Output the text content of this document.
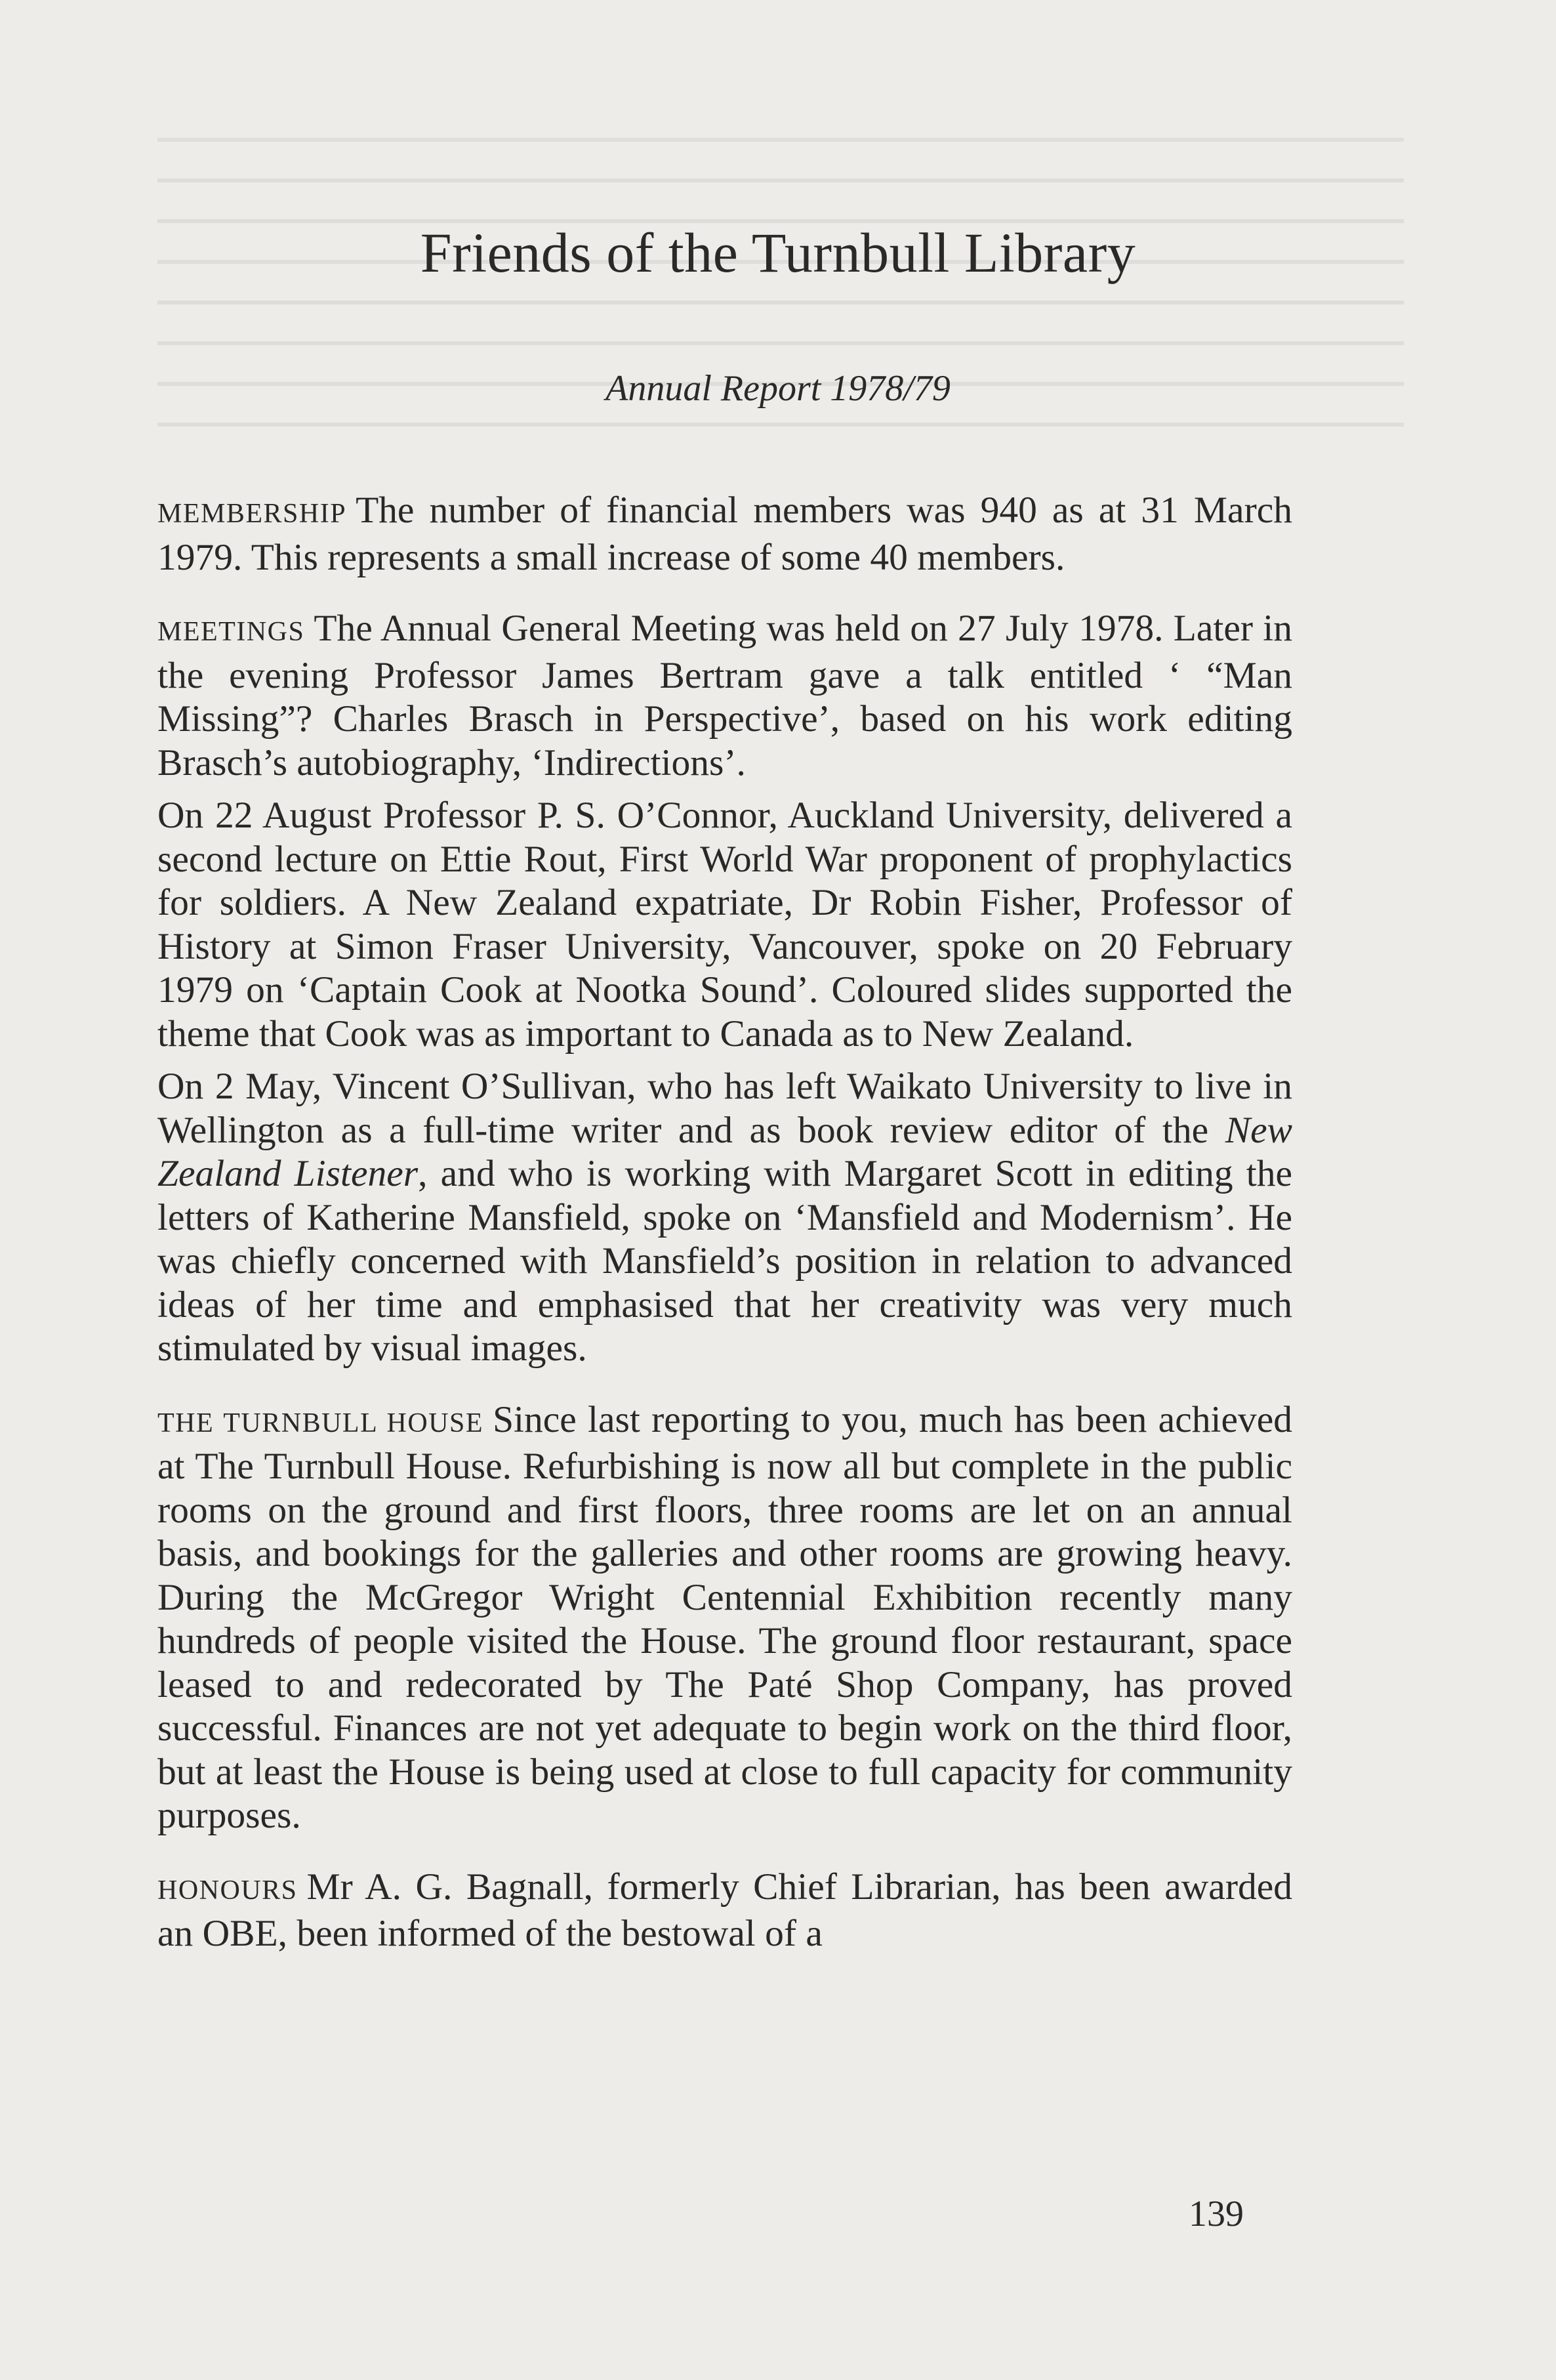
Friends of the Turnbull Library
Annual Report 1978/79

MEMBERSHIP The number of financial members was 940 as at 31 March 1979. This represents a small increase of some 40 members.

MEETINGS The Annual General Meeting was held on 27 July 1978. Later in the evening Professor James Bertram gave a talk entitled ‘ “Man Missing”? Charles Brasch in Perspective’, based on his work editing Brasch’s autobiography, ‘Indirections’.

On 22 August Professor P. S. O’Connor, Auckland University, delivered a second lecture on Ettie Rout, First World War proponent of prophylactics for soldiers. A New Zealand expatriate, Dr Robin Fisher, Professor of History at Simon Fraser University, Vancouver, spoke on 20 February 1979 on ‘Captain Cook at Nootka Sound’. Coloured slides supported the theme that Cook was as important to Canada as to New Zealand.

On 2 May, Vincent O’Sullivan, who has left Waikato University to live in Wellington as a full-time writer and as book review editor of the New Zealand Listener, and who is working with Margaret Scott in editing the letters of Katherine Mansfield, spoke on ‘Mansfield and Modernism’. He was chiefly concerned with Mansfield’s position in relation to advanced ideas of her time and emphasised that her creativity was very much stimulated by visual images.

THE TURNBULL HOUSE Since last reporting to you, much has been achieved at The Turnbull House. Refurbishing is now all but complete in the public rooms on the ground and first floors, three rooms are let on an annual basis, and bookings for the galleries and other rooms are growing heavy. During the McGregor Wright Centennial Exhibition recently many hundreds of people visited the House. The ground floor restaurant, space leased to and redecorated by The Paté Shop Company, has proved successful. Finances are not yet adequate to begin work on the third floor, but at least the House is being used at close to full capacity for community purposes.

HONOURS Mr A. G. Bagnall, formerly Chief Librarian, has been awarded an OBE, been informed of the bestowal of a

139
